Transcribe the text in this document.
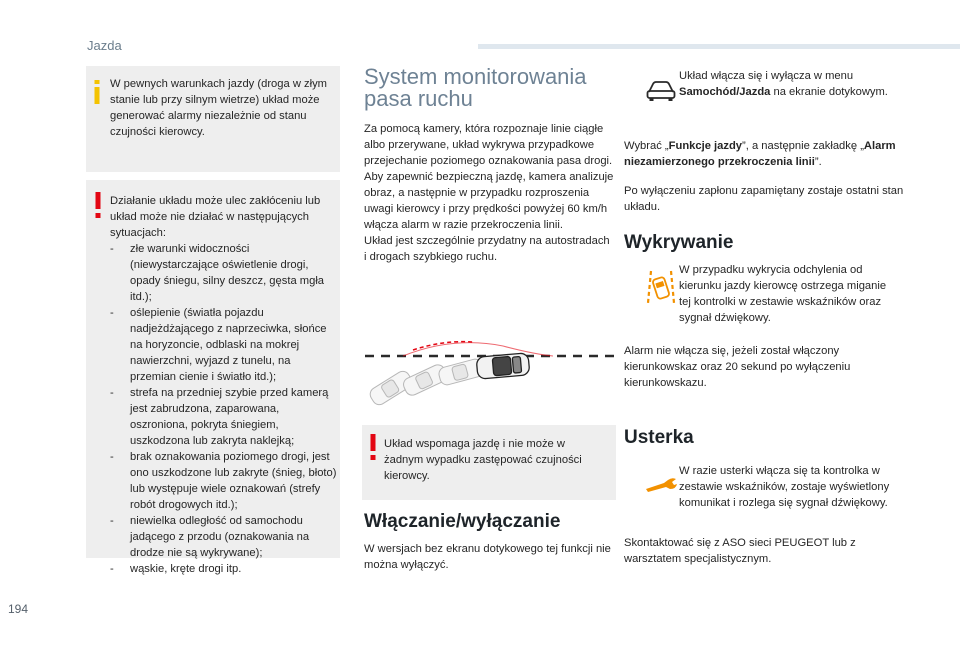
Jazda

W pewnych warunkach jazdy (droga w złym stanie lub przy silnym wietrze) układ może generować alarmy niezależnie od stanu czujności kierowcy.

Działanie układu może ulec zakłóceniu lub układ może nie działać w następujących sytuacjach:

- złe warunki widoczności (niewystarczające oświetlenie drogi, opady śniegu, silny deszcz, gęsta mgła itd.);

- oślepienie (światła pojazdu nadjeżdżającego z naprzeciwka, słońce na horyzoncie, odblaski na mokrej nawierzchni, wyjazd z tunelu, na przemian cienie i światło itd.);

- strefa na przedniej szybie przed kamerą jest zabrudzona, zaparowana, oszroniona, pokryta śniegiem, uszkodzona lub zakryta naklejką;

- brak oznakowania poziomego drogi, jest ono uszkodzone lub zakryte (śnieg, błoto) lub występuje wiele oznakowań (strefy robót drogowych itd.);

- niewielka odległość od samochodu jadącego z przodu (oznakowania na drodze nie są wykrywane);

- wąskie, kręte drogi itp.

System monitorowania pasa ruchu

Za pomocą kamery, która rozpoznaje linie ciągłe albo przerywane, układ wykrywa przypadkowe przejechanie poziomego oznakowania pasa drogi.

Aby zapewnić bezpieczną jazdę, kamera analizuje obraz, a następnie w przypadku rozproszenia uwagi kierowcy i przy prędkości powyżej 60 km/h włącza alarm w razie przekroczenia linii.

Układ jest szczególnie przydatny na autostradach i drogach szybkiego ruchu.

Układ wspomaga jazdę i nie może w żadnym wypadku zastępować czujności kierowcy.

Włączanie/wyłączanie

W wersjach bez ekranu dotykowego tej funkcji nie można wyłączyć.

Układ włącza się i wyłącza w menu Samochód/Jazda na ekranie dotykowym.

Wybrać „Funkcje jazdy”, a następnie zakładkę „Alarm niezamierzonego przekroczenia linii”.

Po wyłączeniu zapłonu zapamiętany zostaje ostatni stan układu.

Wykrywanie

W przypadku wykrycia odchylenia od kierunku jazdy kierowcę ostrzega miganie tej kontrolki w zestawie wskaźników oraz sygnał dźwiękowy.

Alarm nie włącza się, jeżeli został włączony kierunkowskaz oraz 20 sekund po wyłączeniu kierunkowskazu.

Usterka

W razie usterki włącza się ta kontrolka w zestawie wskaźników, zostaje wyświetlony komunikat i rozlega się sygnał dźwiękowy.

Skontaktować się z ASO sieci PEUGEOT lub z warsztatem specjalistycznym.

194
